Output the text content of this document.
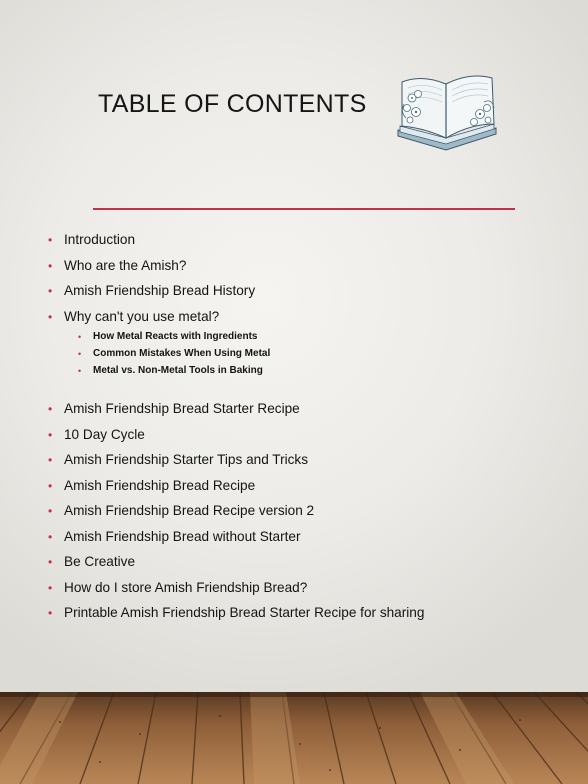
TABLE OF CONTENTS
• Introduction
• Who are the Amish?
• Amish Friendship Bread History
• Why can't you use metal?
• How Metal Reacts with Ingredients
• Common Mistakes When Using Metal
• Metal vs. Non-Metal Tools in Baking
• Amish Friendship Bread Starter Recipe
• 10 Day Cycle
• Amish Friendship Starter Tips and Tricks
• Amish Friendship Bread Recipe
• Amish Friendship Bread Recipe version 2
• Amish Friendship Bread without Starter
• Be Creative
• How do I store Amish Friendship Bread?
• Printable Amish Friendship Bread Starter Recipe for sharing
